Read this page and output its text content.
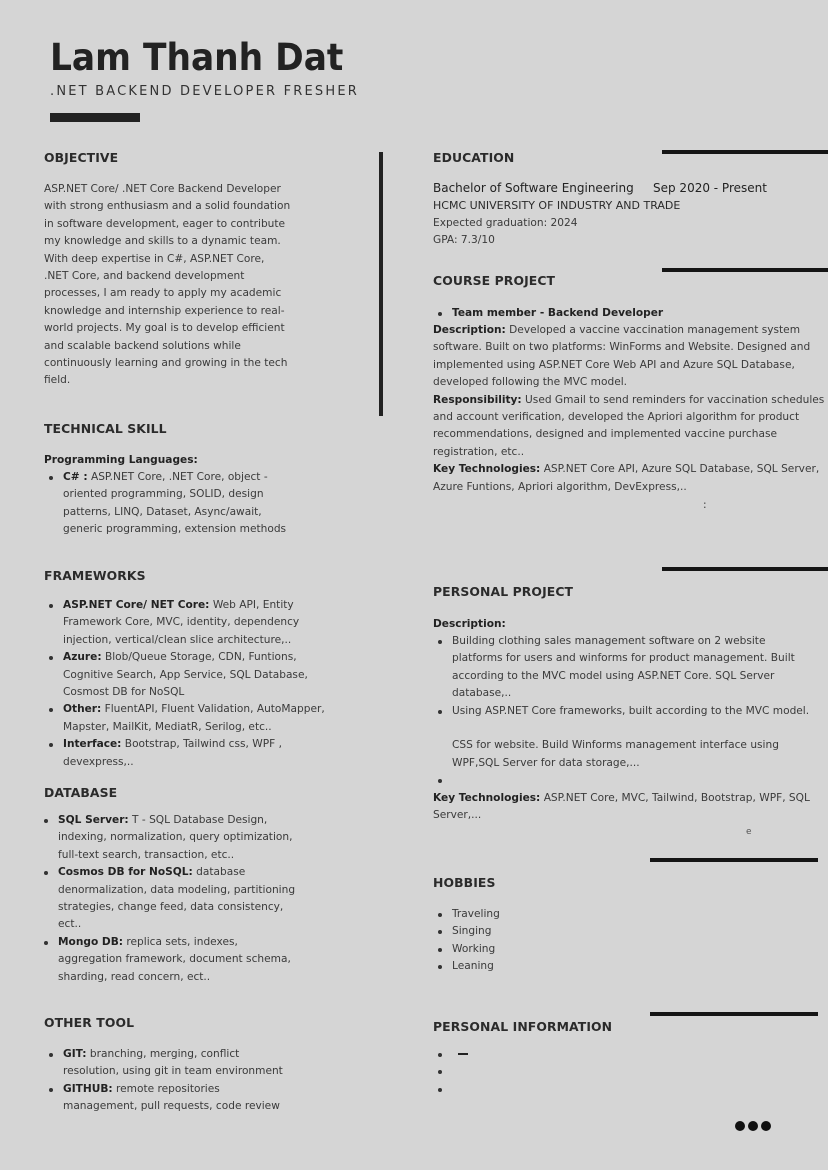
Lam Thanh Dat
.NET BACKEND DEVELOPER FRESHER
OBJECTIVE
ASP.NET Core/ .NET Core Backend Developer
with strong enthusiasm and a solid foundation
in software development, eager to contribute
my knowledge and skills to a dynamic team.
With deep expertise in C#, ASP.NET Core,
.NET Core, and backend development
processes, I am ready to apply my academic
knowledge and internship experience to real-
world projects. My goal is to develop efficient
and scalable backend solutions while
continuously learning and growing in the tech
field.
TECHNICAL SKILL
Programming Languages:
C# : ASP.NET Core, .NET Core, object -
oriented programming, SOLID, design
patterns, LINQ, Dataset, Async/await,
generic programming, extension methods
FRAMEWORKS
ASP.NET Core/ NET Core: Web API, Entity
Framework Core, MVC, identity, dependency
injection, vertical/clean slice architecture,..
Azure: Blob/Queue Storage, CDN, Funtions,
Cognitive Search, App Service, SQL Database,
Cosmost DB for NoSQL
Other: FluentAPI, Fluent Validation, AutoMapper,
Mapster, MailKit, MediatR, Serilog, etc..
Interface: Bootstrap, Tailwind css, WPF ,
devexpress,..
DATABASE
SQL Server: T - SQL Database Design,
indexing, normalization, query optimization,
full-text search, transaction, etc..
Cosmos DB for NoSQL: database
denormalization, data modeling, partitioning
strategies, change feed, data consistency,
ect..
Mongo DB: replica sets, indexes,
aggregation framework, document schema,
sharding, read concern, ect..
OTHER TOOL
GIT: branching, merging, conflict
resolution, using git in team environment
GITHUB: remote repositories
management, pull requests, code review
EDUCATION
Bachelor of Software Engineering Sep 2020 - Present
HCMC UNIVERSITY OF INDUSTRY AND TRADE
Expected graduation: 2024
GPA: 7.3/10
COURSE PROJECT
Team member - Backend Developer
Description: Developed a vaccine vaccination management system
software. Built on two platforms: WinForms and Website. Designed and
implemented using ASP.NET Core Web API and Azure SQL Database,
developed following the MVC model.
Responsibility: Used Gmail to send reminders for vaccination schedules
and account verification, developed the Apriori algorithm for product
recommendations, designed and implemented vaccine purchase
registration, etc..
Key Technologies: ASP.NET Core API, Azure SQL Database, SQL Server,
Azure Funtions, Apriori algorithm, DevExpress,..
:
PERSONAL PROJECT
Description:
Building clothing sales management software on 2 website
platforms for users and winforms for product management. Built
according to the MVC model using ASP.NET Core. SQL Server
database,..
Using ASP.NET Core frameworks, built according to the MVC model.

CSS for website. Build Winforms management interface using
WPF,SQL Server for data storage,...

Key Technologies: ASP.NET Core, MVC, Tailwind, Bootstrap, WPF, SQL
Server,...
e
HOBBIES
Traveling
Singing
Working
Leaning
PERSONAL INFORMATION
